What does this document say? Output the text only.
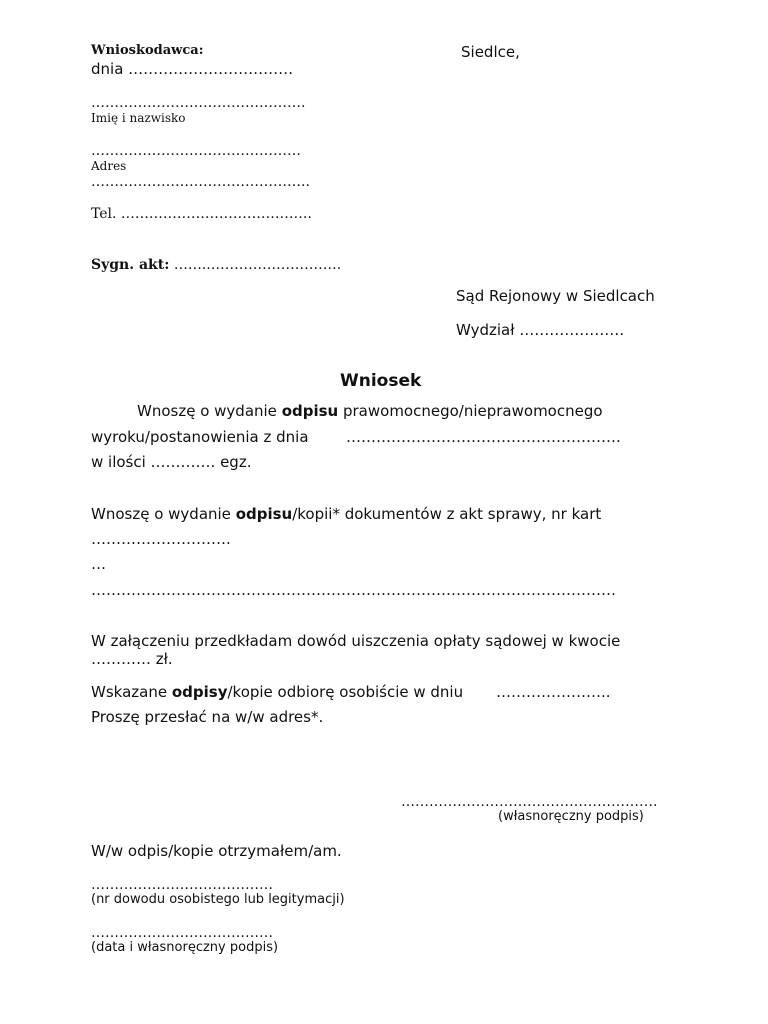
Wnioskodawca:	Siedlce,
dnia ……………………………
……………………………………….
Imię i nazwisko
………………………………………
Adres
………………………………………..
Tel. …………………………………..
Sygn. akt: ……..……………………….
Sąd Rejonowy w Siedlcach
Wydział …………………
Wniosek
Wnoszę o wydanie odpisu prawomocnego/nieprawomocnego
wyroku/postanowienia z dnia ……………………………………………….
w ilości …………. egz.
Wnoszę o wydanie odpisu/kopii* dokumentów z akt sprawy, nr kart
……………………….
…
……………………………………………………………………………………………
W załączeniu przedkładam dowód uiszczenia opłaty sądowej w kwocie
………… zł.
Wskazane odpisy/kopie odbiorę osobiście w dniu …………………..
Proszę przesłać na w/w adres*.
……………………………………………….
(własnoręczny podpis)
W/w odpis/kopie otrzymałem/am.
…………………………………
(nr dowodu osobistego lub legitymacji)
…………………………………
(data i własnoręczny podpis)
